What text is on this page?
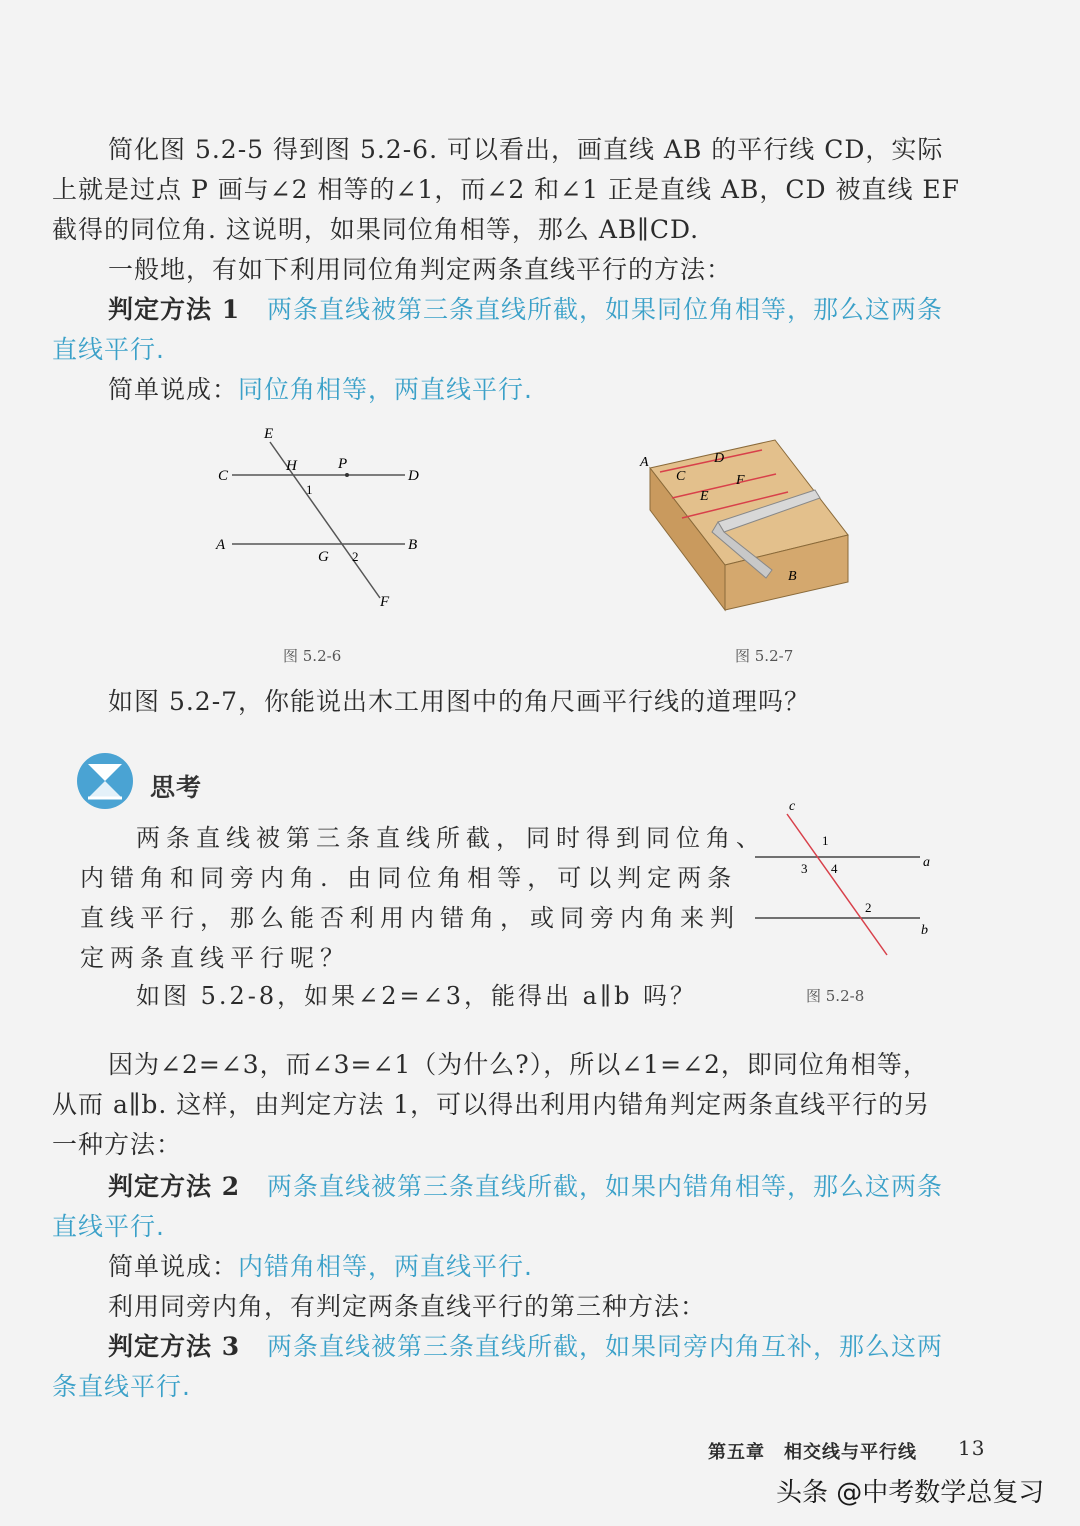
简化图 5.2-5 得到图 5.2-6. 可以看出，画直线 AB 的平行线 CD，实际
上就是过点 P 画与∠2 相等的∠1，而∠2 和∠1 正是直线 AB，CD 被直线 EF
截得的同位角. 这说明，如果同位角相等，那么 AB∥CD.
一般地，有如下利用同位角判定两条直线平行的方法：
判定方法 1 两条直线被第三条直线所截，如果同位角相等，那么这两条
直线平行.
简单说成：同位角相等，两直线平行.
E
C
H	P
D
1
A
G 2
B
F
图 5.2-6
A
C
D
E
F
B
图 5.2-7
如图 5.2-7，你能说出木工用图中的角尺画平行线的道理吗？
思考
两条直线被第三条直线所截，同时得到同位角、
内错角和同旁内角. 由同位角相等，可以判定两条
直线平行，那么能否利用内错角，或同旁内角来判
定两条直线平行呢？
如图 5.2-8，如果∠2=∠3，能得出 a∥b 吗？
c
1
3 4	a
2
b
图 5.2-8
因为∠2=∠3，而∠3=∠1（为什么?），所以∠1=∠2，即同位角相等，
从而 a∥b. 这样，由判定方法 1，可以得出利用内错角判定两条直线平行的另
一种方法：
判定方法 2 两条直线被第三条直线所截，如果内错角相等，那么这两条
直线平行.
简单说成：内错角相等，两直线平行.
利用同旁内角，有判定两条直线平行的第三种方法：
判定方法 3 两条直线被第三条直线所截，如果同旁内角互补，那么这两
条直线平行.
第五章　相交线与平行线 13
头条 @中考数学总复习
